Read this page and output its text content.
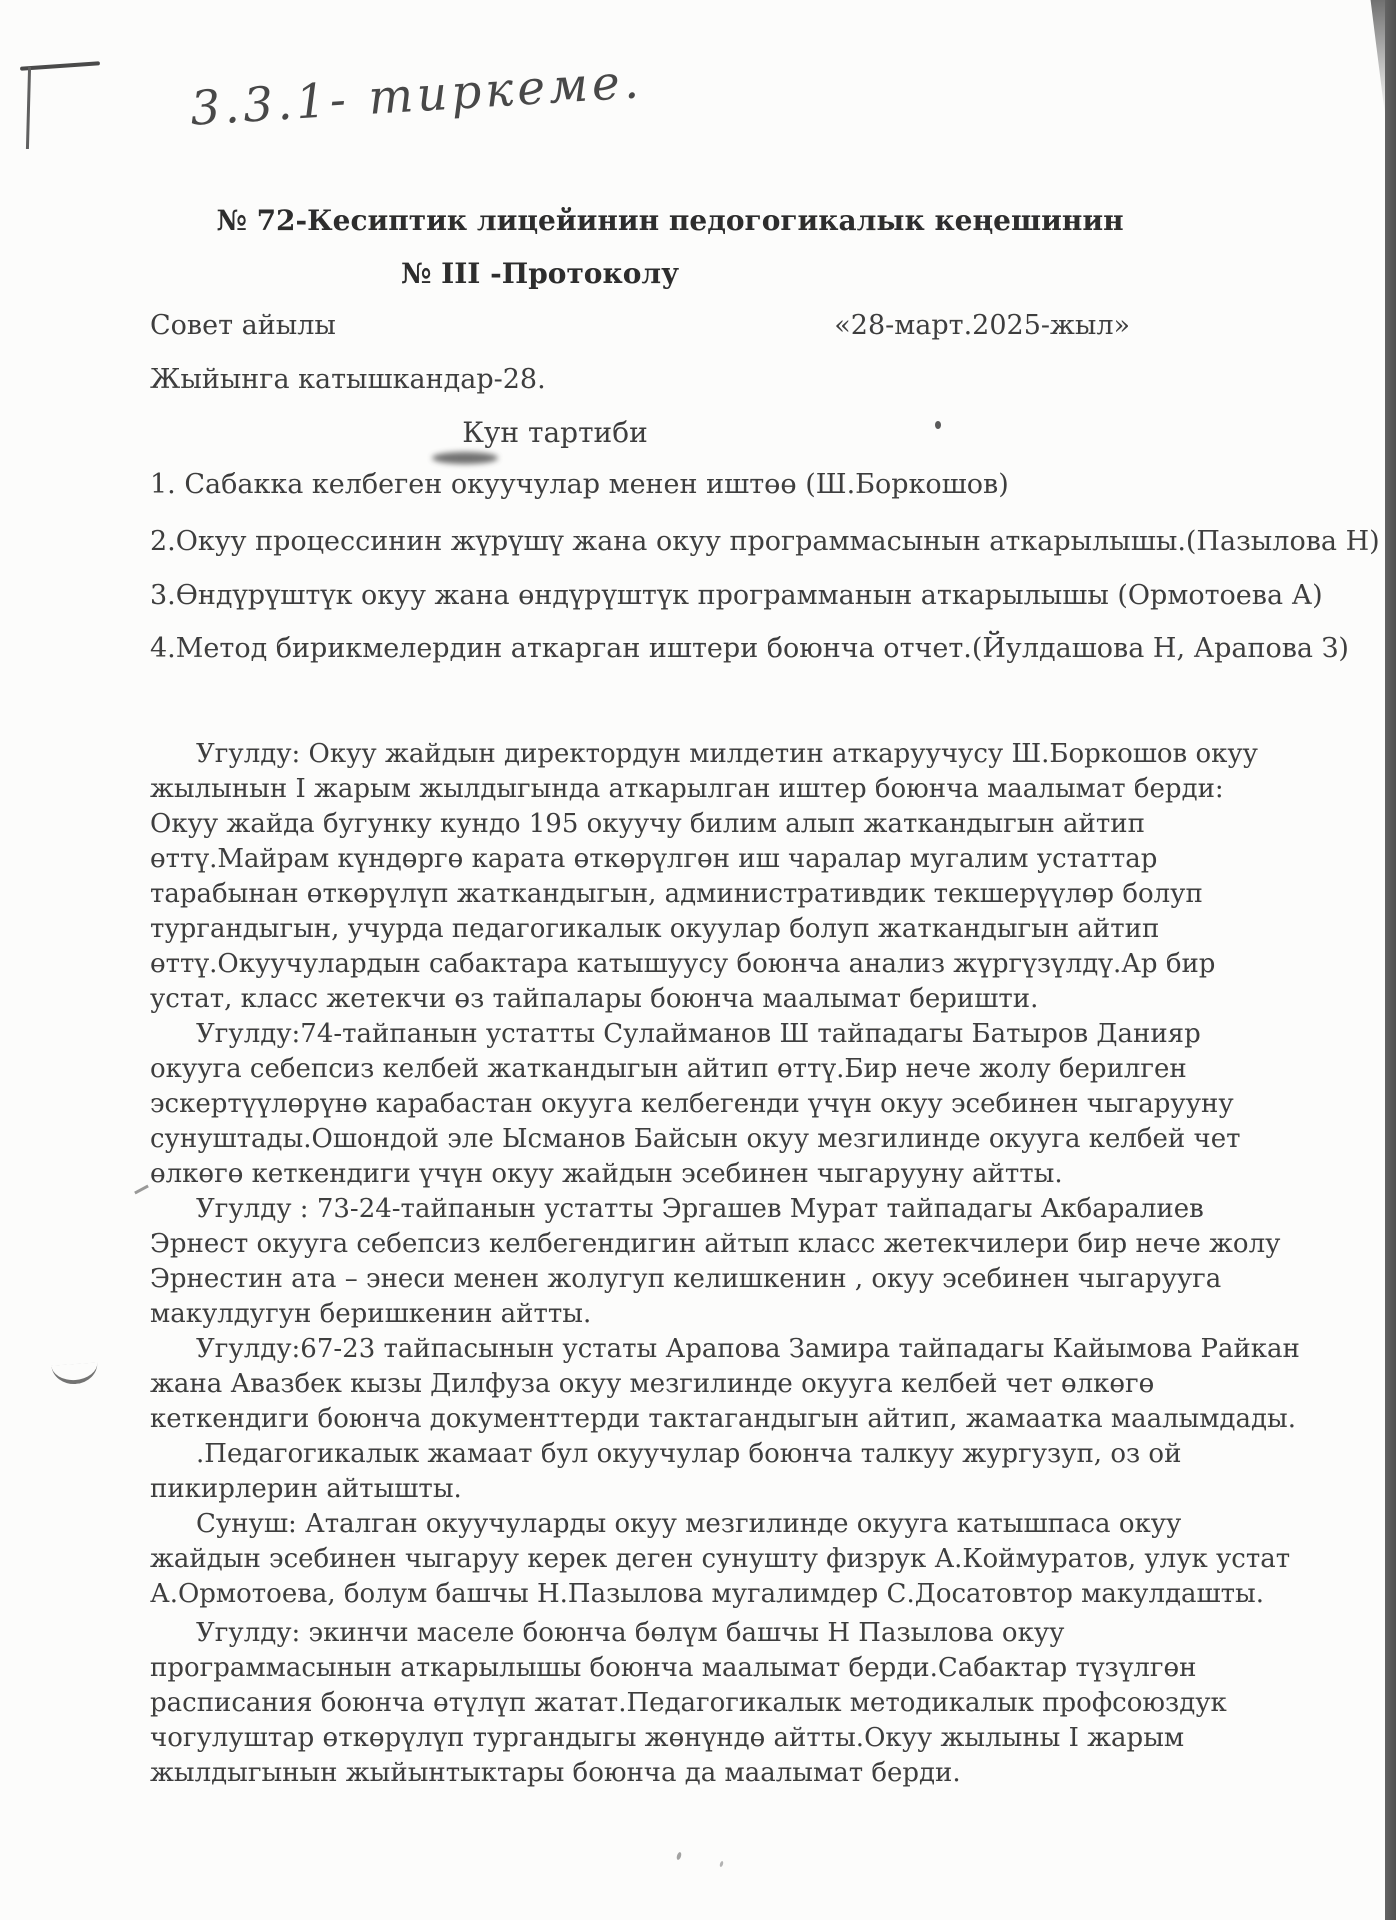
3.3.1- тиркеме.
№ 72-Кесиптик лицейинин педогогикалык кеңешинин
№ III -Протоколу
Совет айылы	«28-март.2025-жыл»
Жыйынга катышкандар-28.
Кун тартиби
1. Сабакка келбеген окуучулар менен иштөө (Ш.Боркошов)
2.Окуу процессинин жүрүшү жана окуу программасынын аткарылышы.(Пазылова Н)
3.Өндүрүштүк окуу жана өндүрүштүк программанын аткарылышы (Ормотоева А)
4.Метод бирикмелердин аткарган иштери боюнча отчет.(Йулдашова Н, Арапова З)

Угулду: Окуу жайдын директордун милдетин аткаруучусу Ш.Боркошов окуу жылынын I жарым жылдыгында аткарылган иштер боюнча маалымат берди: Окуу жайда бугунку кундо 195 окуучу билим алып жаткандыгын айтип өттү.Майрам күндөргө карата өткөрүлгөн иш чаралар мугалим устаттар тарабынан өткөрүлүп жаткандыгын, административдик текшерүүлөр болуп тургандыгын, учурда педагогикалык окуулар болуп жаткандыгын айтип өттү.Окуучулардын сабактара катышуусу боюнча анализ жүргүзүлдү.Ар бир устат, класс жетекчи өз тайпалары боюнча маалымат беришти.

Угулду:74-тайпанын устатты Сулайманов Ш тайпадагы Батыров Данияр окууга себепсиз келбей жаткандыгын айтип өттү.Бир нече жолу берилген эскертүүлөрүнө карабастан окууга келбегенди үчүн окуу эсебинен чыгарууну сунуштады.Ошондой эле Ысманов Байсын окуу мезгилинде окууга келбей чет өлкөгө кеткендиги үчүн окуу жайдын эсебинен чыгарууну айтты.

Угулду : 73-24-тайпанын устатты Эргашев Мурат тайпадагы Акбаралиев Эрнест окууга себепсиз келбегендигин айтып класс жетекчилери бир нече жолу Эрнестин ата – энеси менен жолугуп келишкенин , окуу эсебинен чыгарууга макулдугун беришкенин айтты.

Угулду:67-23 тайпасынын устаты Арапова Замира тайпадагы Кайымова Райкан жана Авазбек кызы Дилфуза окуу мезгилинде окууга келбей чет өлкөгө кеткендиги боюнча документтерди тактагандыгын айтип, жамаатка маалымдады.

.Педагогикалык жамаат бул окуучулар боюнча талкуу жургузуп, оз ой пикирлерин айтышты.

Сунуш: Аталган окуучуларды окуу мезгилинде окууга катышпаса окуу жайдын эсебинен чыгаруу керек деген сунушту физрук А.Коймуратов, улук устат А.Ормотоева, болум башчы Н.Пазылова мугалимдер С.Досатовтор макулдашты.

Угулду: экинчи маселе боюнча бөлүм башчы Н Пазылова окуу программасынын аткарылышы боюнча маалымат берди.Сабактар түзүлгөн расписания боюнча өтүлүп жатат.Педагогикалык методикалык профсоюздук чогулуштар өткөрүлүп тургандыгы жөнүндө айтты.Окуу жылыны I жарым жылдыгынын жыйынтыктары боюнча да маалымат берди.
